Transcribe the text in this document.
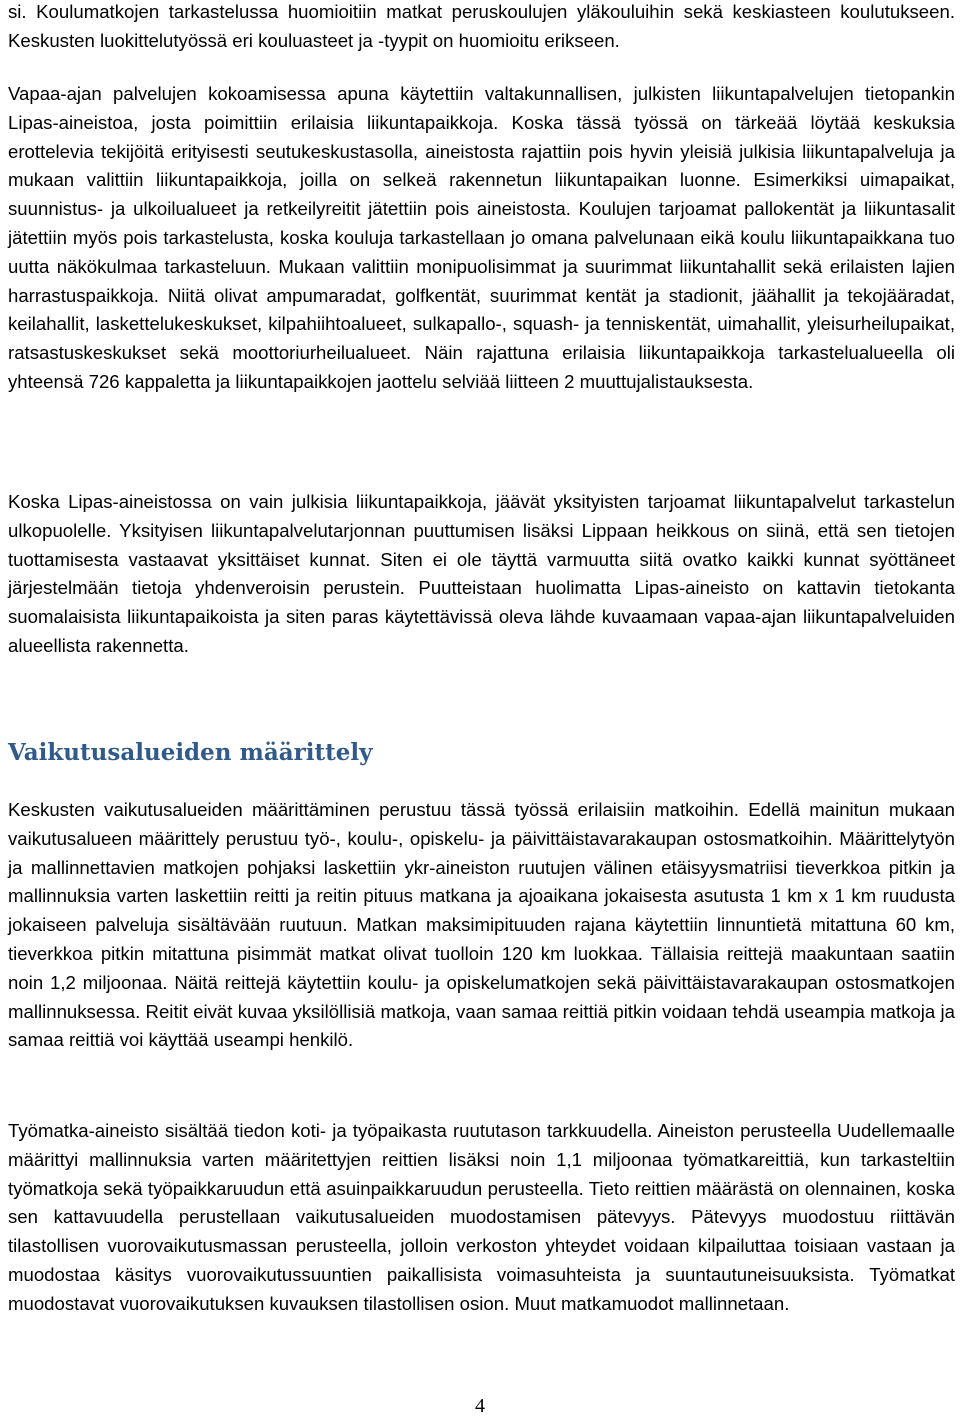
si. Koulumatkojen tarkastelussa huomioitiin matkat peruskoulujen yläkouluihin sekä keskiasteen koulutukseen. Keskusten luokittelutyössä eri kouluasteet ja -tyypit on huomioitu erikseen.

Vapaa-ajan palvelujen kokoamisessa apuna käytettiin valtakunnallisen, julkisten liikuntapalvelujen tietopankin Lipas-aineistoa, josta poimittiin erilaisia liikuntapaikkoja. Koska tässä työssä on tärkeää löytää keskuksia erottelevia tekijöitä erityisesti seutukeskustasolla, aineistosta rajattiin pois hyvin yleisiä julkisia liikuntapalveluja ja mukaan valittiin liikuntapaikkoja, joilla on selkeä rakennetun liikuntapaikan luonne. Esimerkiksi uimapaikat, suunnistus- ja ulkoilualueet ja retkeilyreitit jätettiin pois aineistosta. Koulujen tarjoamat pallokentät ja liikuntasalit jätettiin myös pois tarkastelusta, koska kouluja tarkastellaan jo omana palvelunaan eikä koulu liikuntapaikkana tuo uutta näkökulmaa tarkasteluun. Mukaan valittiin monipuolisimmat ja suurimmat liikuntahallit sekä erilaisten lajien harrastuspaikkoja. Niitä olivat ampumaradat, golfkentät, suurimmat kentät ja stadionit, jäähallit ja tekojääradat, keilahallit, laskettelukeskukset, kilpahiihtoalueet, sulkapallo-, squash- ja tenniskentät, uimahallit, yleisurheilupaikat, ratsastuskeskukset sekä moottoriurheilualueet. Näin rajattuna erilaisia liikuntapaikkoja tarkastelualueella oli yhteensä 726 kappaletta ja liikuntapaikkojen jaottelu selviää liitteen 2 muuttujalistauksesta.

Koska Lipas-aineistossa on vain julkisia liikuntapaikkoja, jäävät yksityisten tarjoamat liikuntapalvelut tarkastelun ulkopuolelle. Yksityisen liikuntapalvelutarjonnan puuttumisen lisäksi Lippaan heikkous on siinä, että sen tietojen tuottamisesta vastaavat yksittäiset kunnat. Siten ei ole täyttä varmuutta siitä ovatko kaikki kunnat syöttäneet järjestelmään tietoja yhdenveroisin perustein. Puutteistaan huolimatta Lipas-aineisto on kattavin tietokanta suomalaisista liikuntapaikoista ja siten paras käytettävissä oleva lähde kuvaamaan vapaa-ajan liikuntapalveluiden alueellista rakennetta.

Vaikutusalueiden määrittely

Keskusten vaikutusalueiden määrittäminen perustuu tässä työssä erilaisiin matkoihin. Edellä mainitun mukaan vaikutusalueen määrittely perustuu työ-, koulu-, opiskelu- ja päivittäistavarakaupan ostosmatkoihin. Määrittelytyön ja mallinnettavien matkojen pohjaksi laskettiin ykr-aineiston ruutujen välinen etäisyysmatriisi tieverkkoa pitkin ja mallinnuksia varten laskettiin reitti ja reitin pituus matkana ja ajoaikana jokaisesta asutusta 1 km x 1 km ruudusta jokaiseen palveluja sisältävään ruutuun. Matkan maksimipituuden rajana käytettiin linnuntietä mitattuna 60 km, tieverkkoa pitkin mitattuna pisimmät matkat olivat tuolloin 120 km luokkaa. Tällaisia reittejä maakuntaan saatiin noin 1,2 miljoonaa. Näitä reittejä käytettiin koulu- ja opiskelumatkojen sekä päivittäistavarakaupan ostosmatkojen mallinnuksessa. Reitit eivät kuvaa yksilöllisiä matkoja, vaan samaa reittiä pitkin voidaan tehdä useampia matkoja ja samaa reittiä voi käyttää useampi henkilö.

Työmatka-aineisto sisältää tiedon koti- ja työpaikasta ruututason tarkkuudella. Aineiston perusteella Uudellemaalle määrittyi mallinnuksia varten määritettyjen reittien lisäksi noin 1,1 miljoonaa työmatkareittiä, kun tarkasteltiin työmatkoja sekä työpaikkaruudun että asuinpaikkaruudun perusteella. Tieto reittien määrästä on olennainen, koska sen kattavuudella perustellaan vaikutusalueiden muodostamisen pätevyys. Pätevyys muodostuu riittävän tilastollisen vuorovaikutusmassan perusteella, jolloin verkoston yhteydet voidaan kilpailuttaa toisiaan vastaan ja muodostaa käsitys vuorovaikutussuuntien paikallisista voimasuhteista ja suuntautuneisuuksista. Työmatkat muodostavat vuorovaikutuksen kuvauksen tilastollisen osion. Muut matkamuodot mallinnetaan.

4
